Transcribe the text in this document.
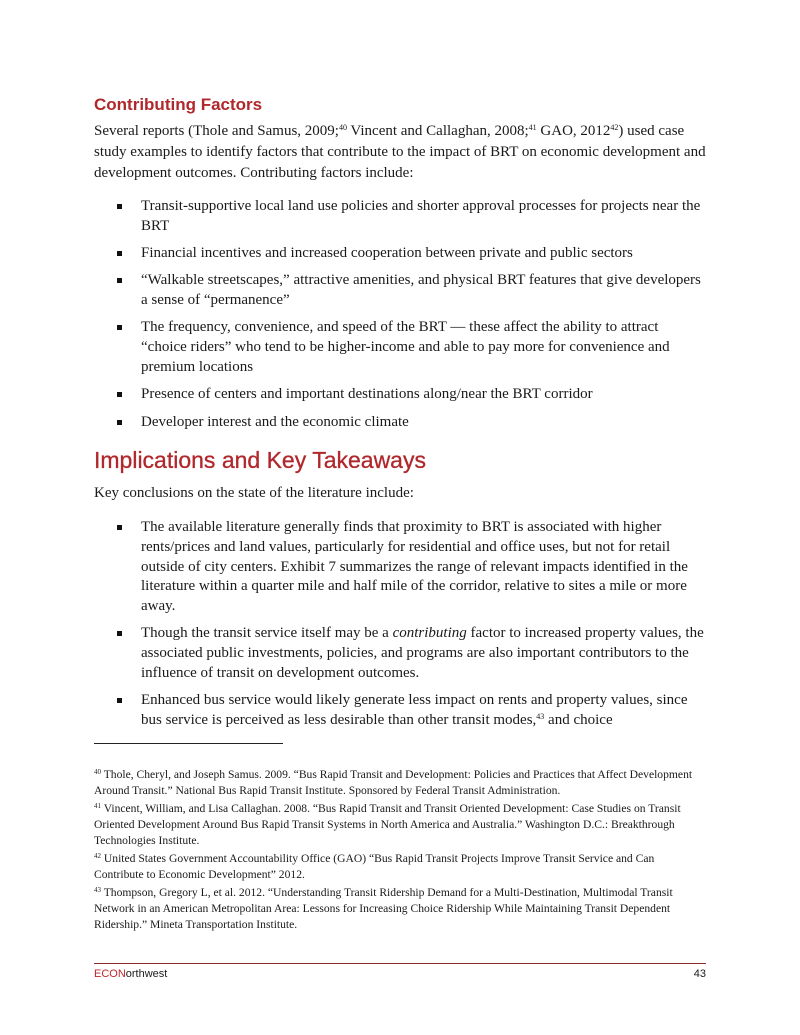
Contributing Factors

Several reports (Thole and Samus, 2009;$^{40}$ Vincent and Callaghan, 2008;$^{41}$ GAO, 2012$^{42}$) used case study examples to identify factors that contribute to the impact of BRT on economic development and development outcomes. Contributing factors include:

Transit-supportive local land use policies and shorter approval processes for projects near the BRT
Financial incentives and increased cooperation between private and public sectors
“Walkable streetscapes,” attractive amenities, and physical BRT features that give developers a sense of “permanence”
The frequency, convenience, and speed of the BRT — these affect the ability to attract “choice riders” who tend to be higher-income and able to pay more for convenience and premium locations
Presence of centers and important destinations along/near the BRT corridor
Developer interest and the economic climate
Implications and Key Takeaways

Key conclusions on the state of the literature include:

The available literature generally finds that proximity to BRT is associated with higher rents/prices and land values, particularly for residential and office uses, but not for retail outside of city centers. Exhibit 7 summarizes the range of relevant impacts identified in the literature within a quarter mile and half mile of the corridor, relative to sites a mile or more away.
Though the transit service itself may be a contributing factor to increased property values, the associated public investments, policies, and programs are also important contributors to the influence of transit on development outcomes.
Enhanced bus service would likely generate less impact on rents and property values, since bus service is perceived as less desirable than other transit modes,$^{43}$ and choice

$^{40}$ Thole, Cheryl, and Joseph Samus. 2009. “Bus Rapid Transit and Development: Policies and Practices that Affect Development Around Transit.” National Bus Rapid Transit Institute. Sponsored by Federal Transit Administration.

$^{41}$ Vincent, William, and Lisa Callaghan. 2008. “Bus Rapid Transit and Transit Oriented Development: Case Studies on Transit Oriented Development Around Bus Rapid Transit Systems in North America and Australia.” Washington D.C.: Breakthrough Technologies Institute.

$^{42}$ United States Government Accountability Office (GAO) “Bus Rapid Transit Projects Improve Transit Service and Can Contribute to Economic Development” 2012.

$^{43}$ Thompson, Gregory L, et al. 2012. “Understanding Transit Ridership Demand for a Multi-Destination, Multimodal Transit Network in an American Metropolitan Area: Lessons for Increasing Choice Ridership While Maintaining Transit Dependent Ridership.” Mineta Transportation Institute.

ECONorthwest	43
